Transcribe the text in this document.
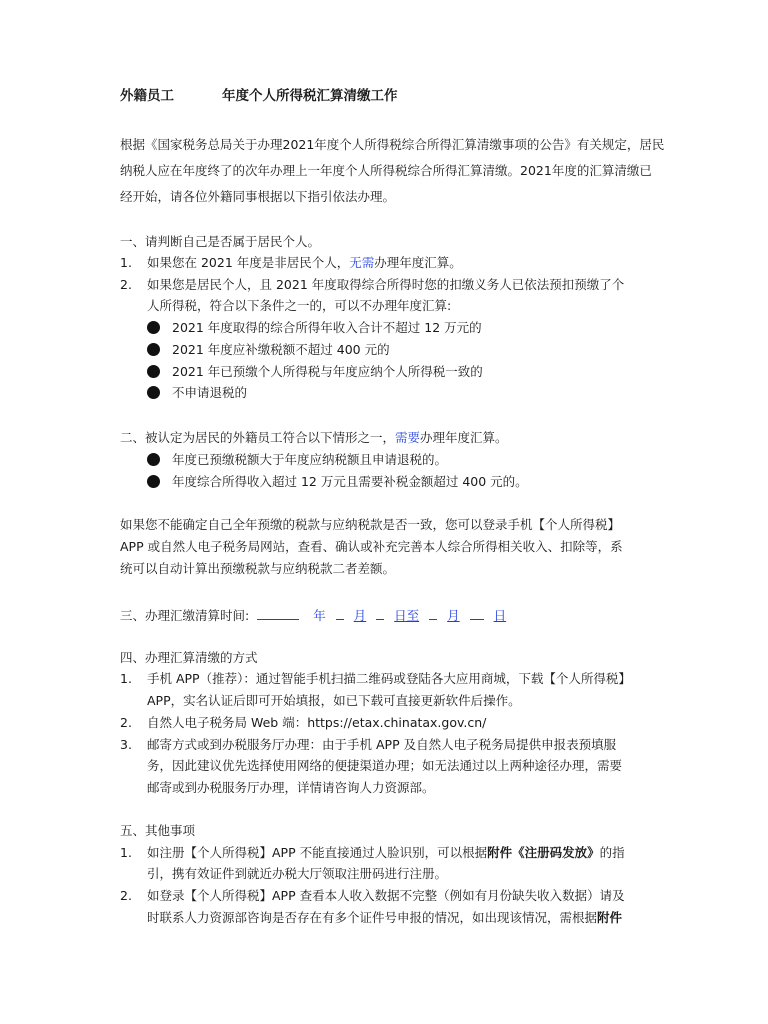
外籍员工	年度个人所得税汇算清缴工作
根据《国家税务总局关于办理2021年度个人所得税综合所得汇算清缴事项的公告》有关规定，居民
纳税人应在年度终了的次年办理上一年度个人所得税综合所得汇算清缴。2021年度的汇算清缴已
经开始，请各位外籍同事根据以下指引依法办理。
一、请判断自己是否属于居民个人。
1. 如果您在 2021 年度是非居民个人，无需办理年度汇算。
2. 如果您是居民个人，且 2021 年度取得综合所得时您的扣缴义务人已依法预扣预缴了个
人所得税，符合以下条件之一的，可以不办理年度汇算:
2021 年度取得的综合所得年收入合计不超过 12 万元的
2021 年度应补缴税额不超过 400 元的
2021 年已预缴个人所得税与年度应纳个人所得税一致的
不申请退税的
二、被认定为居民的外籍员工符合以下情形之一，需要办理年度汇算。
年度已预缴税额大于年度应纳税额且申请退税的。
年度综合所得收入超过 12 万元且需要补税金额超过 400 元的。
如果您不能确定自己全年预缴的税款与应纳税款是否一致，您可以登录手机【个人所得税】
APP 或自然人电子税务局网站，查看、确认或补充完善本人综合所得相关收入、扣除等，系
统可以自动计算出预缴税款与应纳税款二者差额。
三、办理汇缴清算时间:	年 月 日至 月	日
四、办理汇算清缴的方式
1. 手机 APP（推荐）：通过智能手机扫描二维码或登陆各大应用商城，下载【个人所得税】
APP，实名认证后即可开始填报，如已下载可直接更新软件后操作。
2. 自然人电子税务局 Web 端：https://etax.chinatax.gov.cn/
3. 邮寄方式或到办税服务厅办理：由于手机 APP 及自然人电子税务局提供申报表预填服
务，因此建议优先选择使用网络的便捷渠道办理；如无法通过以上两种途径办理，需要
邮寄或到办税服务厅办理，详情请咨询人力资源部。
五、其他事项
1. 如注册【个人所得税】APP 不能直接通过人脸识别，可以根据附件《注册码发放》的指
引，携有效证件到就近办税大厅领取注册码进行注册。
2. 如登录【个人所得税】APP 查看本人收入数据不完整（例如有月份缺失收入数据）请及
时联系人力资源部咨询是否存在有多个证件号申报的情况，如出现该情况，需根据附件
